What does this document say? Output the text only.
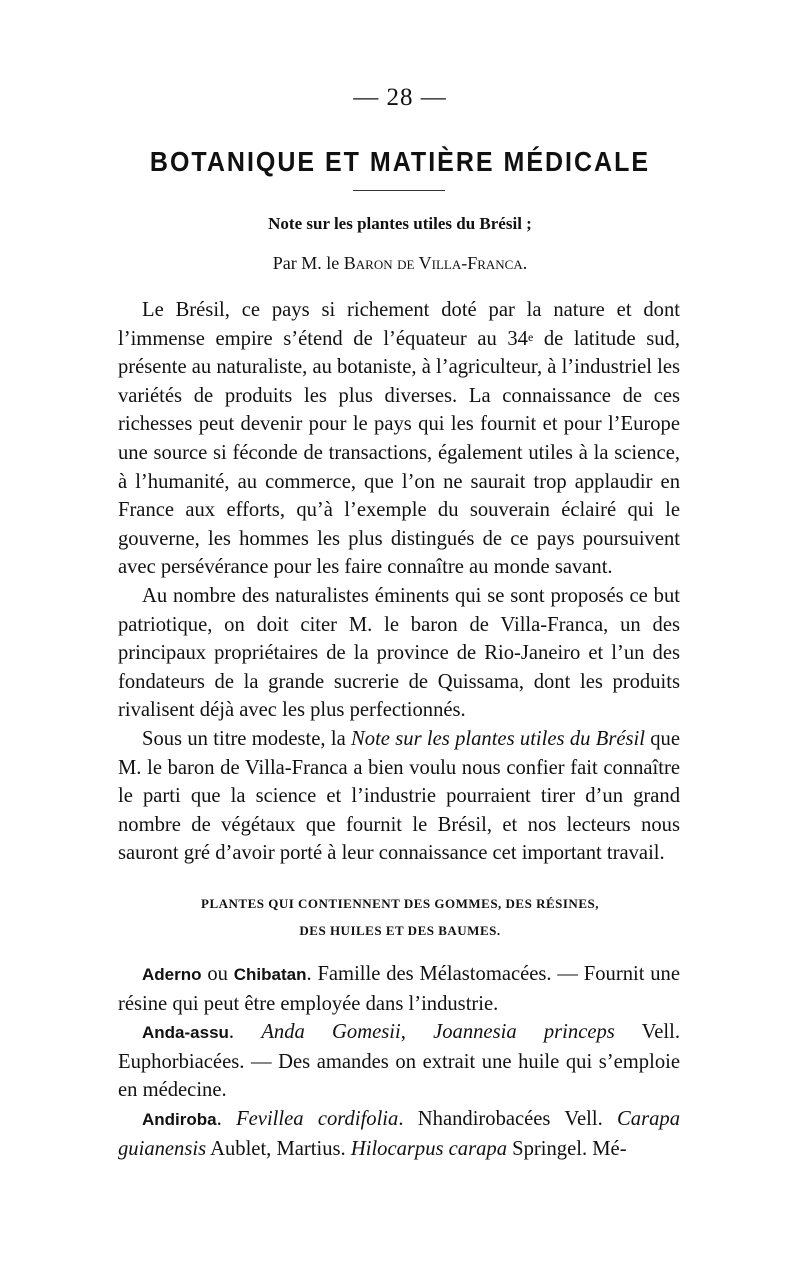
— 28 —
BOTANIQUE ET MATIÈRE MÉDICALE
Note sur les plantes utiles du Brésil ;
Par M. le Baron de Villa-Franca.

Le Brésil, ce pays si richement doté par la nature et dont l’immense empire s’étend de l’équateur au 34e de latitude sud, présente au naturaliste, au botaniste, à l’agriculteur, à l’industriel les variétés de produits les plus diverses. La connaissance de ces richesses peut devenir pour le pays qui les fournit et pour l’Europe une source si féconde de transactions, également utiles à la science, à l’humanité, au commerce, que l’on ne saurait trop applaudir en France aux efforts, qu’à l’exemple du souverain éclairé qui le gouverne, les hommes les plus distingués de ce pays poursuivent avec persévérance pour les faire connaître au monde savant.

Au nombre des naturalistes éminents qui se sont proposés ce but patriotique, on doit citer M. le baron de Villa-Franca, un des principaux propriétaires de la province de Rio-Janeiro et l’un des fondateurs de la grande sucrerie de Quissama, dont les produits rivalisent déjà avec les plus perfectionnés.

Sous un titre modeste, la Note sur les plantes utiles du Brésil que M. le baron de Villa-Franca a bien voulu nous confier fait connaître le parti que la science et l’industrie pourraient tirer d’un grand nombre de végétaux que fournit le Brésil, et nos lecteurs nous sauront gré d’avoir porté à leur connaissance cet important travail.

PLANTES QUI CONTIENNENT DES GOMMES, DES RÉSINES,
DES HUILES ET DES BAUMES.

Aderno ou Chibatan. Famille des Mélastomacées. — Fournit une résine qui peut être employée dans l’industrie.

Anda-assu. Anda Gomesii, Joannesia princeps Vell. Euphorbiacées. — Des amandes on extrait une huile qui s’emploie en médecine.

Andiroba. Fevillea cordifolia. Nhandirobacées Vell. Carapa guianensis Aublet, Martius. Hilocarpus carapa Springel. Mé-
